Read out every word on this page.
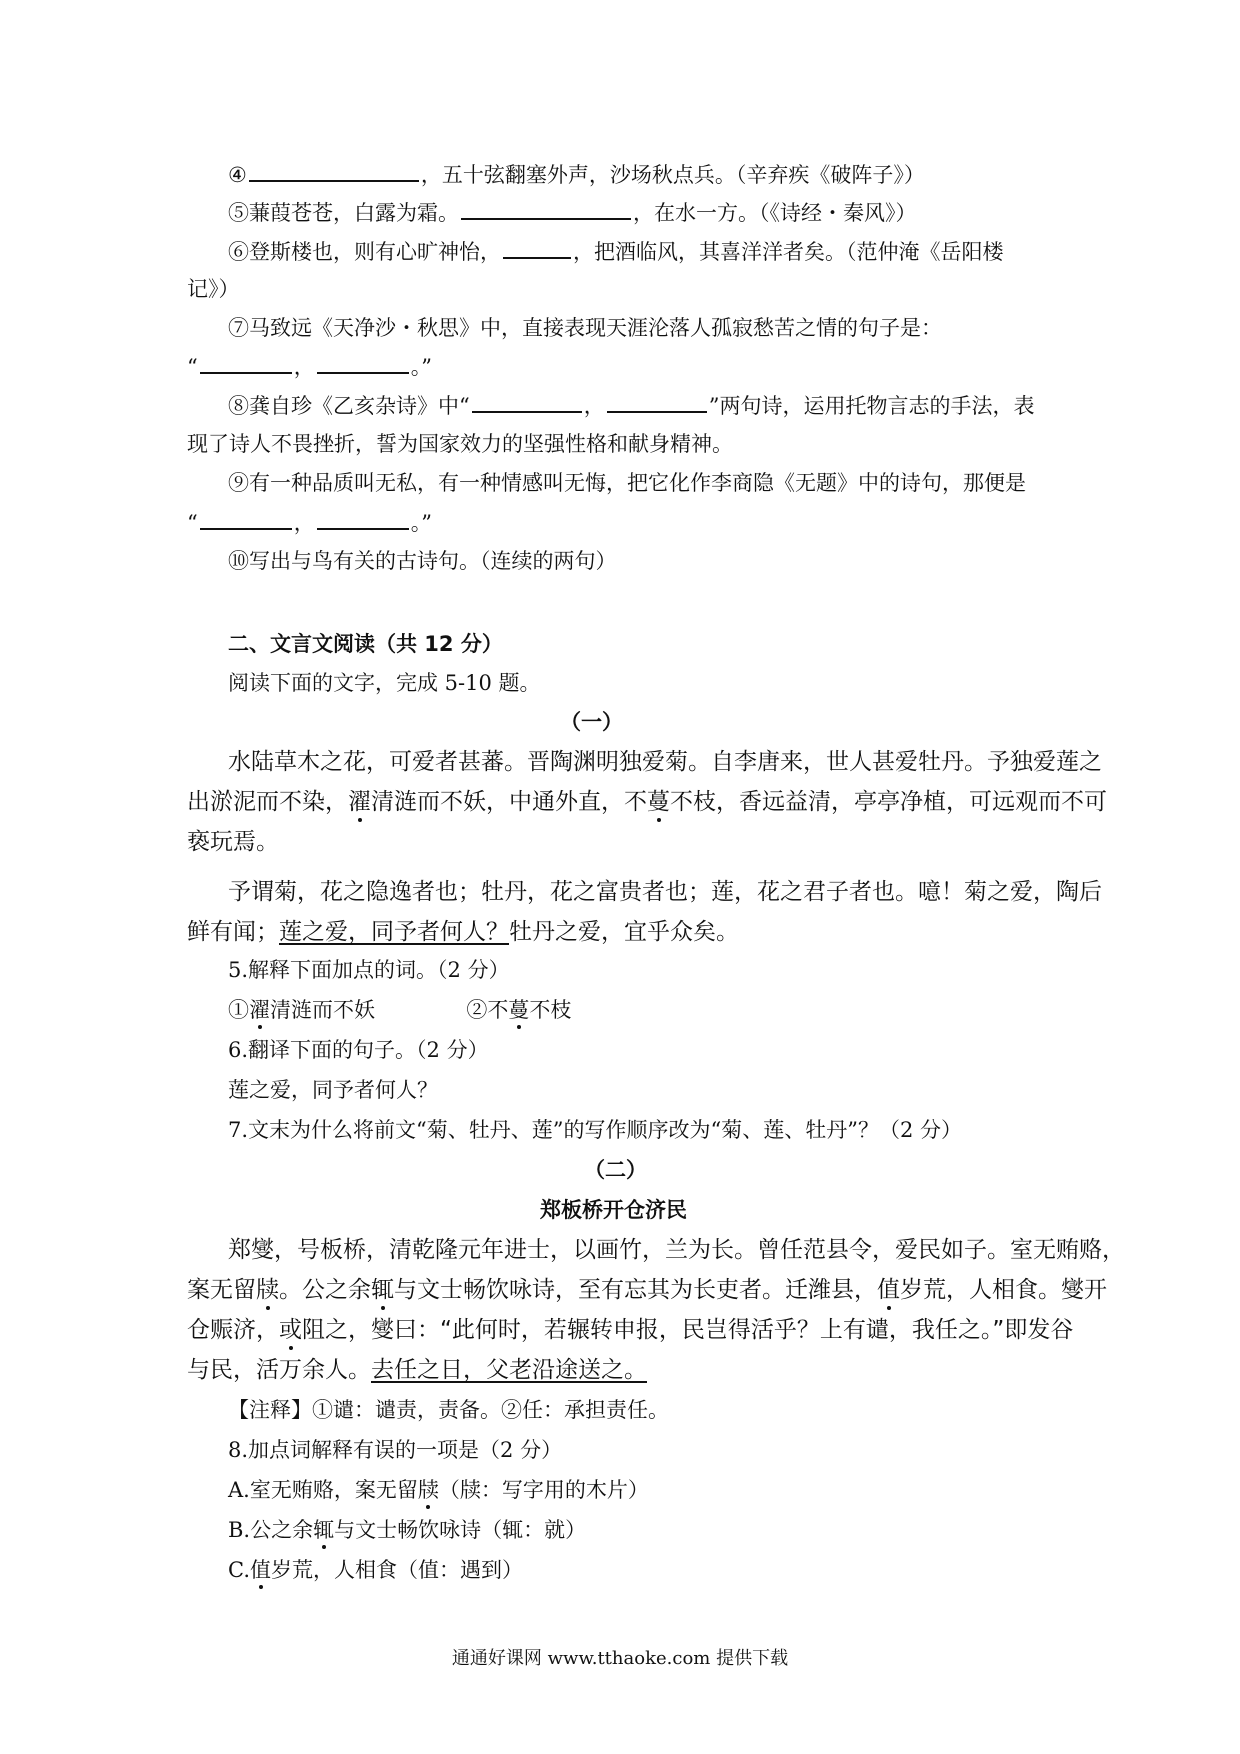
④	，五十弦翻塞外声，沙场秋点兵。（辛弃疾《破阵子》）
⑤蒹葭苍苍，白露为霜。	，在水一方。（《诗经・秦风》）
⑥登斯楼也，则有心旷神怡，	，把酒临风，其喜洋洋者矣。（范仲淹《岳阳楼
记》）
⑦马致远《天净沙・秋思》中，直接表现天涯沦落人孤寂愁苦之情的句子是：
“	，	。”
⑧龚自珍《乙亥杂诗》中“	，	”两句诗，运用托物言志的手法，表
现了诗人不畏挫折，誓为国家效力的坚强性格和献身精神。
⑨有一种品质叫无私，有一种情感叫无悔，把它化作李商隐《无题》中的诗句，那便是
“	，	。”
⑩写出与鸟有关的古诗句。（连续的两句）
二、文言文阅读（共 12 分）
阅读下面的文字，完成 5-10 题。
（一）
水陆草木之花，可爱者甚蕃。晋陶渊明独爱菊。自李唐来，世人甚爱牡丹。予独爱莲之
出淤泥而不染，濯清涟而不妖，中通外直，不蔓不枝，香远益清，亭亭净植，可远观而不可
亵玩焉。
予谓菊，花之隐逸者也；牡丹，花之富贵者也；莲，花之君子者也。噫！菊之爱，陶后
鲜有闻；莲之爱，同予者何人？牡丹之爱，宜乎众矣。
5.解释下面加点的词。（2 分）
①濯清涟而不妖	②不蔓不枝
6.翻译下面的句子。（2 分）
莲之爱，同予者何人？
7.文末为什么将前文“菊、牡丹、莲”的写作顺序改为“菊、莲、牡丹”？（2 分）
（二）
郑板桥开仓济民
郑燮，号板桥，清乾隆元年进士，以画竹，兰为长。曾任范县令，爱民如子。室无贿赂，
案无留牍。公之余辄与文士畅饮咏诗，至有忘其为长吏者。迁潍县，值岁荒，人相食。燮开
仓赈济，或阻之，燮曰：“此何时，若辗转申报，民岂得活乎？上有谴，我任之。”即发谷
与民，活万余人。去任之日，父老沿途送之。
【注释】①谴：谴责，责备。②任：承担责任。
8.加点词解释有误的一项是（2 分）
A.室无贿赂，案无留牍（牍：写字用的木片）
B.公之余辄与文士畅饮咏诗（辄：就）
C.值岁荒，人相食（值：遇到）
通通好课网 www.tthaoke.com 提供下载
